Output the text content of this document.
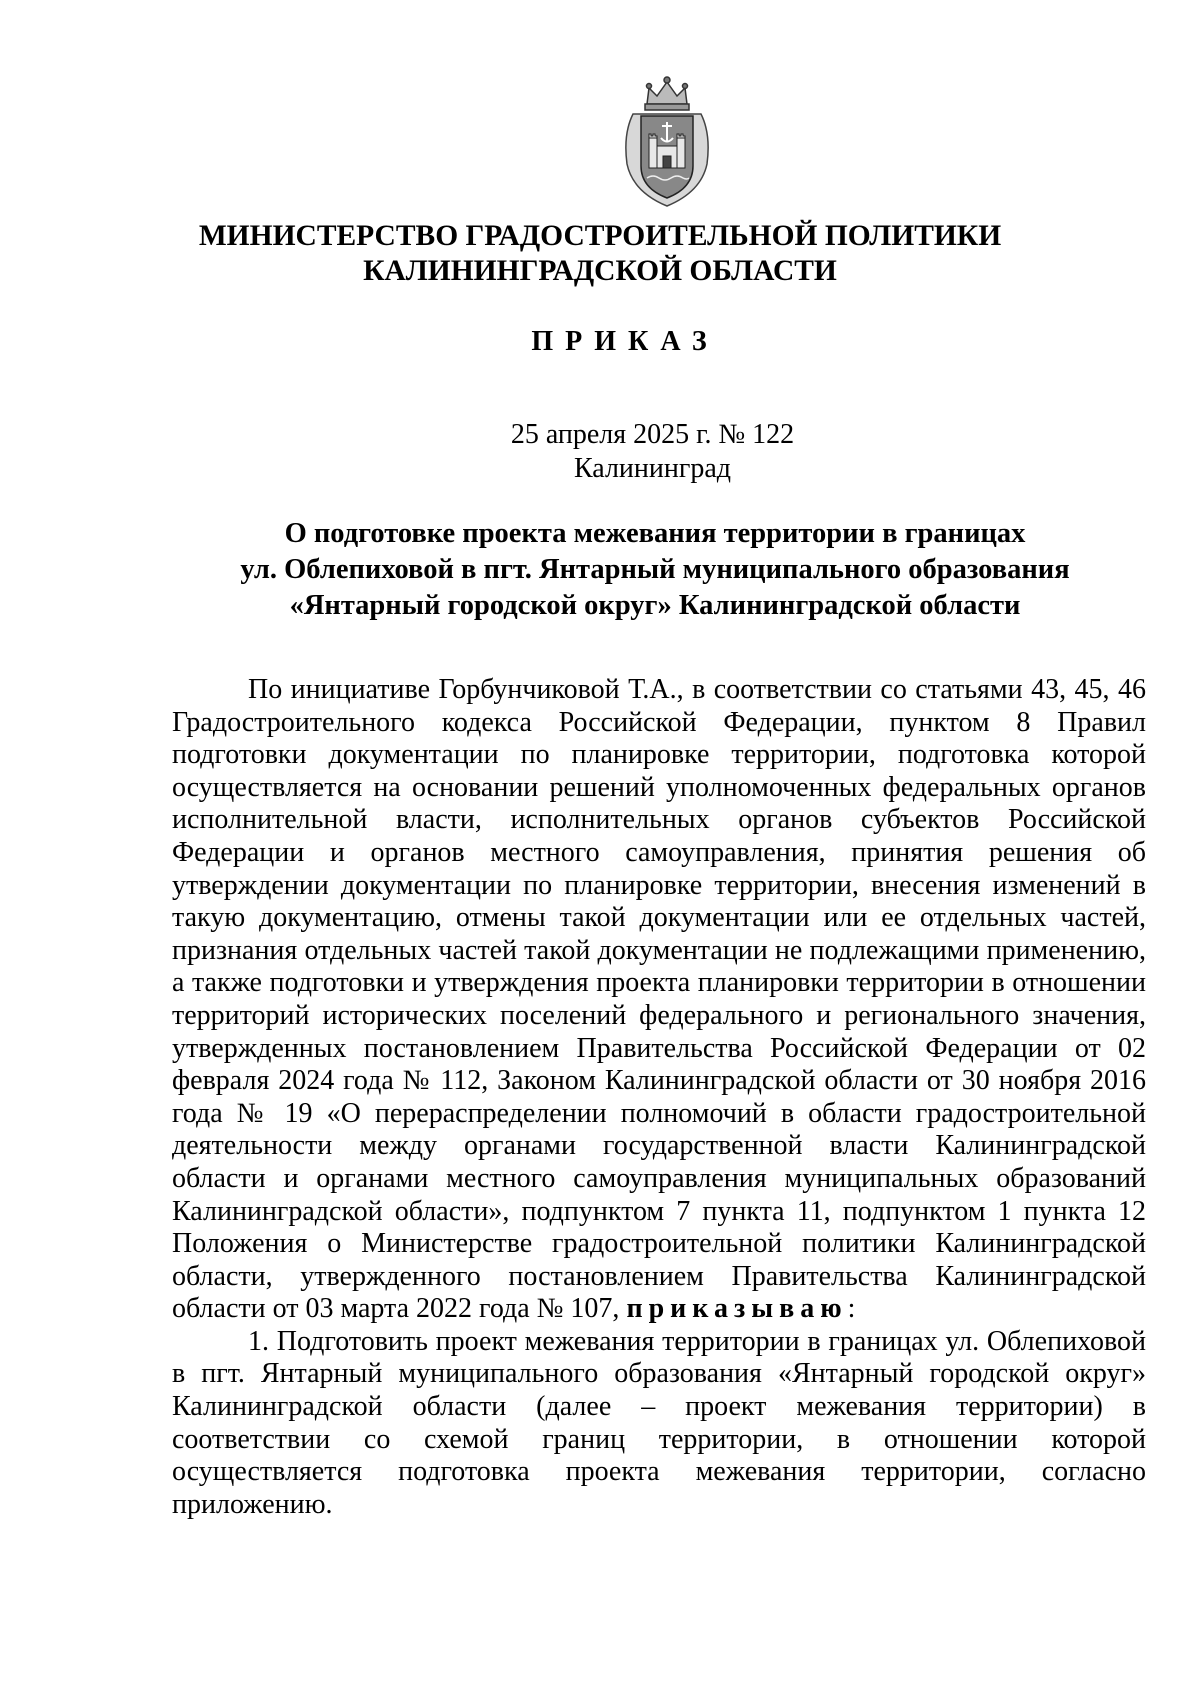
МИНИСТЕРСТВО ГРАДОСТРОИТЕЛЬНОЙ ПОЛИТИКИ
КАЛИНИНГРАДСКОЙ ОБЛАСТИ
ПРИКАЗ
25 апреля 2025 г. № 122
Калининград
О подготовке проекта межевания территории в границах
ул. Облепиховой в пгт. Янтарный муниципального образования
«Янтарный городской округ» Калининградской области

По инициативе Горбунчиковой Т.А., в соответствии со статьями 43, 45, 46 Градостроительного кодекса Российской Федерации, пунктом 8 Правил подготовки документации по планировке территории, подготовка которой осуществляется на основании решений уполномоченных федеральных органов исполнительной власти, исполнительных органов субъектов Российской Федерации и органов местного самоуправления, принятия решения об утверждении документации по планировке территории, внесения изменений в такую документацию, отмены такой документации или ее отдельных частей, признания отдельных частей такой документации не подлежащими применению, а также подготовки и утверждения проекта планировки территории в отношении территорий исторических поселений федерального и регионального значения, утвержденных постановлением Правительства Российской Федерации от 02 февраля 2024 года № 112, Законом Калининградской области от 30 ноября 2016 года № 19 «О перераспределении полномочий в области градостроительной деятельности между органами государственной власти Калининградской области и органами местного самоуправления муниципальных образований Калининградской области», подпунктом 7 пункта 11, подпунктом 1 пункта 12 Положения о Министерстве градостроительной политики Калининградской области, утвержденного постановлением Правительства Калининградской области от 03 марта 2022 года № 107, приказываю:

1. Подготовить проект межевания территории в границах ул. Облепиховой в пгт. Янтарный муниципального образования «Янтарный городской округ» Калининградской области (далее – проект межевания территории) в соответствии со схемой границ территории, в отношении которой осуществляется подготовка проекта межевания территории, согласно приложению.
